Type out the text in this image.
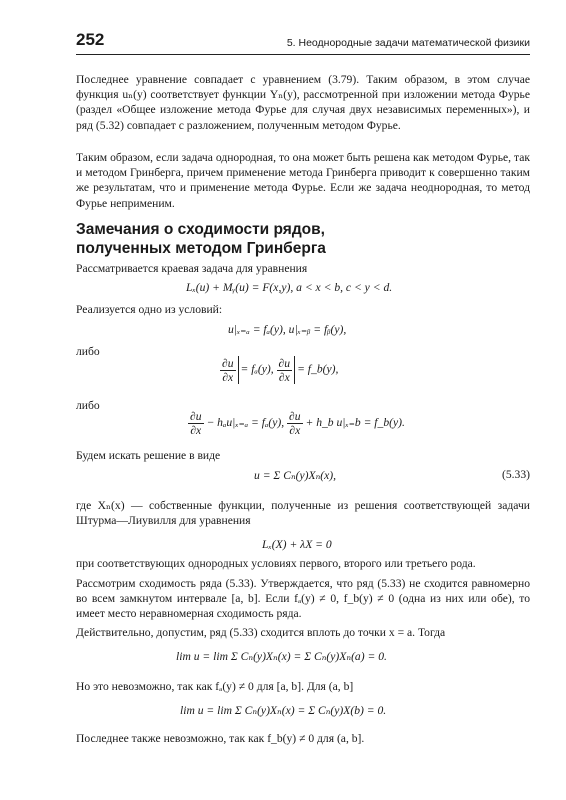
252	5. Неоднородные задачи математической физики

Последнее уравнение совпадает с уравнением (3.79). Таким образом, в этом случае функция uₙ(y) соответствует функции Yₙ(y), рассмотренной при изложении метода Фурье (раздел «Общее изложение метода Фурье для случая двух независимых переменных»), и ряд (5.32) совпадает с разложением, полученным методом Фурье.

Таким образом, если задача однородная, то она может быть решена как методом Фурье, так и методом Гринберга, причем применение метода Гринберга приводит к совершенно таким же результатам, что и применение метода Фурье. Если же задача неоднородная, то метод Фурье неприменим.

Замечания о сходимости рядов,

полученных методом Гринберга

Рассматривается краевая задача для уравнения

Lₓ(u) + Mᵧ(u) = F(x,y), a < x < b, c < y < d.

Реализуется одно из условий:

u|ₓ₌ₐ = fₐ(y), u|ₓ₌ᵦ = fᵦ(y),

либо

$\frac{\partial u}{\partial x} = f_a(y)$, $\frac{\partial u}{\partial x}$ = f_b(y),

либо

$\frac{\partial u}{\partial x} - h_au|_{x=a} = f_a(y)$, $\frac{\partial u}{\partial x}$ + h_b u|ₓ₌b = f_b(y).

Будем искать решение в виде

u = Σ Cₙ(y)Xₙ(x),	(5.33)

где Xₙ(x) — собственные функции, полученные из решения соответствующей задачи Штурма—Лиувилля для уравнения

Lₓ(X) + λX = 0

при соответствующих однородных условиях первого, второго или третьего рода.

Рассмотрим сходимость ряда (5.33). Утверждается, что ряд (5.33) не сходится равномерно во всем замкнутом интервале [a, b]. Если fₐ(y) ≠ 0, f_b(y) ≠ 0 (одна из них или обе), то имеет место неравномерная сходимость ряда.

Действительно, допустим, ряд (5.33) сходится вплоть до точки x = a. Тогда

lim u = lim Σ Cₙ(y)Xₙ(x) = Σ Cₙ(y)Xₙ(a) = 0.

Но это невозможно, так как fₐ(y) ≠ 0 для [a, b]. Для (a, b]

lim u = lim Σ Cₙ(y)Xₙ(x) = Σ Cₙ(y)X(b) = 0.

Последнее также невозможно, так как f_b(y) ≠ 0 для (a, b].
